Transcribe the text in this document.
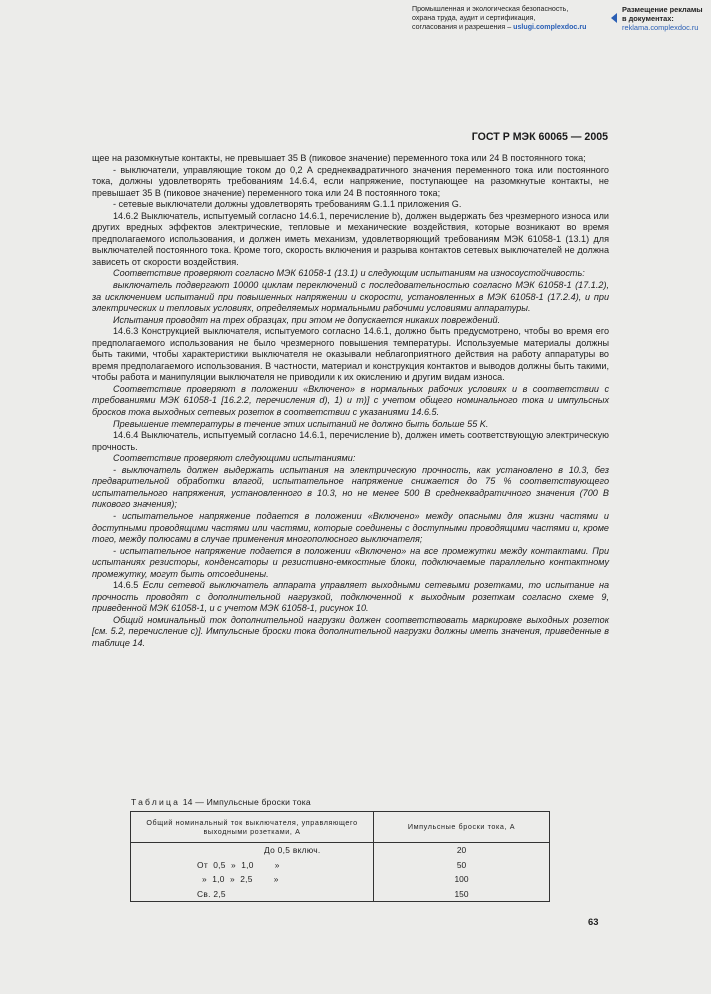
Промышленная и экологическая безопасность,
охрана труда, аудит и сертификация,
согласования и разрешения – uslugi.complexdoc.ru
Размещение рекламы
в документах:
reklama.complexdoc.ru
ГОСТ Р МЭК 60065 — 2005

щее на разомкнутые контакты, не превышает 35 В (пиковое значение) переменного тока или 24 В постоянного тока;

- выключатели, управляющие током до 0,2 А среднеквадратичного значения переменного тока или постоянного тока, должны удовлетворять требованиям 14.6.4, если напряжение, поступающее на разомкнутые контакты, не превышает 35 В (пиковое значение) переменного тока или 24 В постоянного тока;

- сетевые выключатели должны удовлетворять требованиям G.1.1 приложения G.

14.6.2 Выключатель, испытуемый согласно 14.6.1, перечисление b), должен выдержать без чрезмерного износа или других вредных эффектов электрические, тепловые и механические воздействия, которые возникают во время предполагаемого использования, и должен иметь механизм, удовлетворяющий требованиям МЭК 61058-1 (13.1) для выключателей постоянного тока. Кроме того, скорость включения и разрыва контактов сетевых выключателей не должна зависеть от скорости воздействия.

Соответствие проверяют согласно МЭК 61058-1 (13.1) и следующим испытаниям на износоустойчивость:

выключатель подвергают 10000 циклам переключений с последовательностью согласно МЭК 61058-1 (17.1.2), за исключением испытаний при повышенных напряжении и скорости, установленных в МЭК 61058-1 (17.2.4), и при электрических и тепловых условиях, определяемых нормальными рабочими условиями аппаратуры.

Испытания проводят на трех образцах, при этом не допускается никаких повреждений.

14.6.3 Конструкцией выключателя, испытуемого согласно 14.6.1, должно быть предусмотрено, чтобы во время его предполагаемого использования не было чрезмерного повышения температуры. Используемые материалы должны быть такими, чтобы характеристики выключателя не оказывали неблагоприятного действия на работу аппаратуры во время предполагаемого использования. В частности, материал и конструкция контактов и выводов должны быть такими, чтобы работа и манипуляции выключателя не приводили к их окислению и другим видам износа.

Соответствие проверяют в положении «Включено» в нормальных рабочих условиях и в соответствии с требованиями МЭК 61058-1 [16.2.2, перечисления d), 1) и m)] с учетом общего номинального тока и импульсных бросков тока выходных сетевых розеток в соответствии с указаниями 14.6.5.

Превышение температуры в течение этих испытаний не должно быть больше 55 K.

14.6.4 Выключатель, испытуемый согласно 14.6.1, перечисление b), должен иметь соответствующую электрическую прочность.

Соответствие проверяют следующими испытаниями:

- выключатель должен выдержать испытания на электрическую прочность, как установлено в 10.3, без предварительной обработки влагой, испытательное напряжение снижается до 75 % соответствующего испытательного напряжения, установленного в 10.3, но не менее 500 В среднеквадратичного значения (700 В пикового значения);

- испытательное напряжение подается в положении «Включено» между опасными для жизни частями и доступными проводящими частями или частями, которые соединены с доступными проводящими частями и, кроме того, между полюсами в случае применения многополюсного выключателя;

- испытательное напряжение подается в положении «Включено» на все промежутки между контактами. При испытаниях резисторы, конденсаторы и резистивно-емкостные блоки, подключаемые параллельно контактному промежутку, могут быть отсоединены.

14.6.5 Если сетевой выключатель аппарата управляет выходными сетевыми розетками, то испытание на прочность проводят с дополнительной нагрузкой, подключенной к выходным розеткам согласно схеме 9, приведенной МЭК 61058-1, и с учетом МЭК 61058-1, рисунок 10.

Общий номинальный ток дополнительной нагрузки должен соответствовать маркировке выходных розеток [см. 5.2, перечисление с)]. Импульсные броски тока дополнительной нагрузки должны иметь значения, приведенные в таблице 14.

Таблица 14 — Импульсные броски тока
Общий номинальный ток выключателя, управляющего выходными розетками, А	Импульсные броски тока, А

До 0,5 включ.	20

От  0,5  »  1,0        »	50

»  1,0  »  2,5        »	100

Св. 2,5	150
63
